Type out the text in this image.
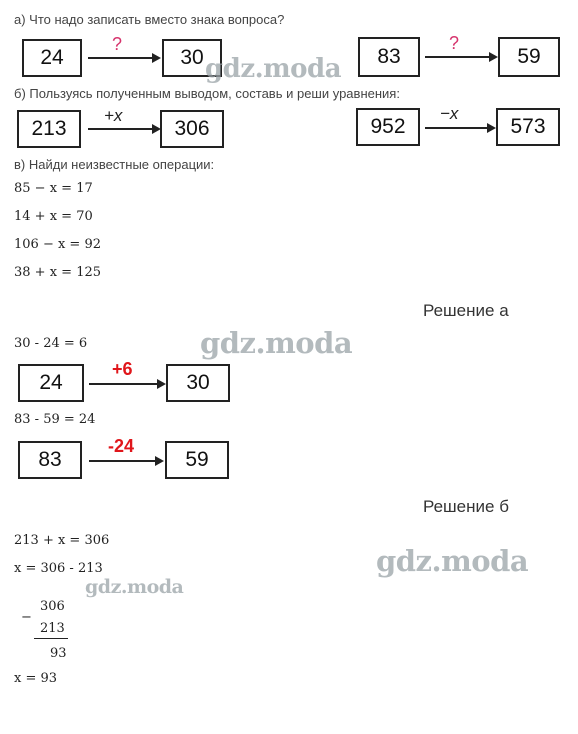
а) Что надо записать вместо знака вопроса?
24
?
30	83
?
59
б) Пользуясь полученным выводом, составь и реши уравнения:
213
+x
306	952
−x
573
в) Найди неизвестные операции:
85 − x = 17
14 + x = 70
106 − x = 92
38 + x = 125
Решение а
30 - 24 = 6
24
+6
30
83 - 59 = 24
83
-24
59
Решение б
213 + x = 306
x = 306 - 213
−
306
213
93
x = 93
gdz.moda
gdz.moda
gdz.moda
gdz.moda
